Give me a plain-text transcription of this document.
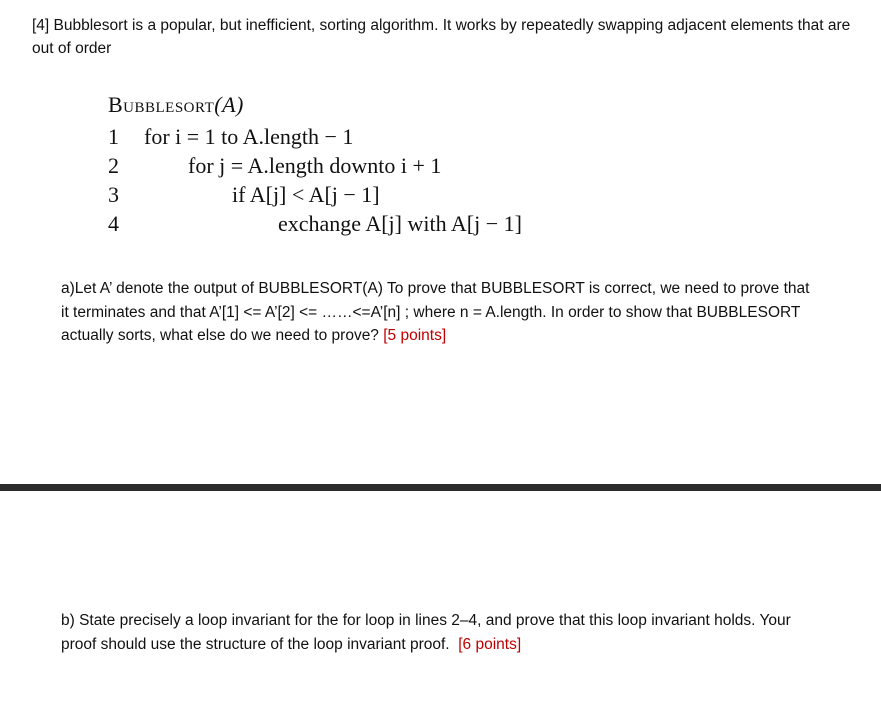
[4] Bubblesort is a popular, but inefficient, sorting algorithm. It works by repeatedly swapping adjacent elements that are out of order
Bubblesort(A)
1	for i = 1 to A.length − 1
2	for j = A.length downto i + 1
3	if A[j] < A[j − 1]
4	exchange A[j] with A[j − 1]
a)Let A’ denote the output of BUBBLESORT(A) To prove that BUBBLESORT is correct, we need to prove that it terminates and that A’[1] <= A’[2] <= ……<=A’[n] ; where n = A.length. In order to show that BUBBLESORT actually sorts, what else do we need to prove? [5 points]
b) State precisely a loop invariant for the for loop in lines 2–4, and prove that this loop invariant holds. Your proof should use the structure of the loop invariant proof. [6 points]
